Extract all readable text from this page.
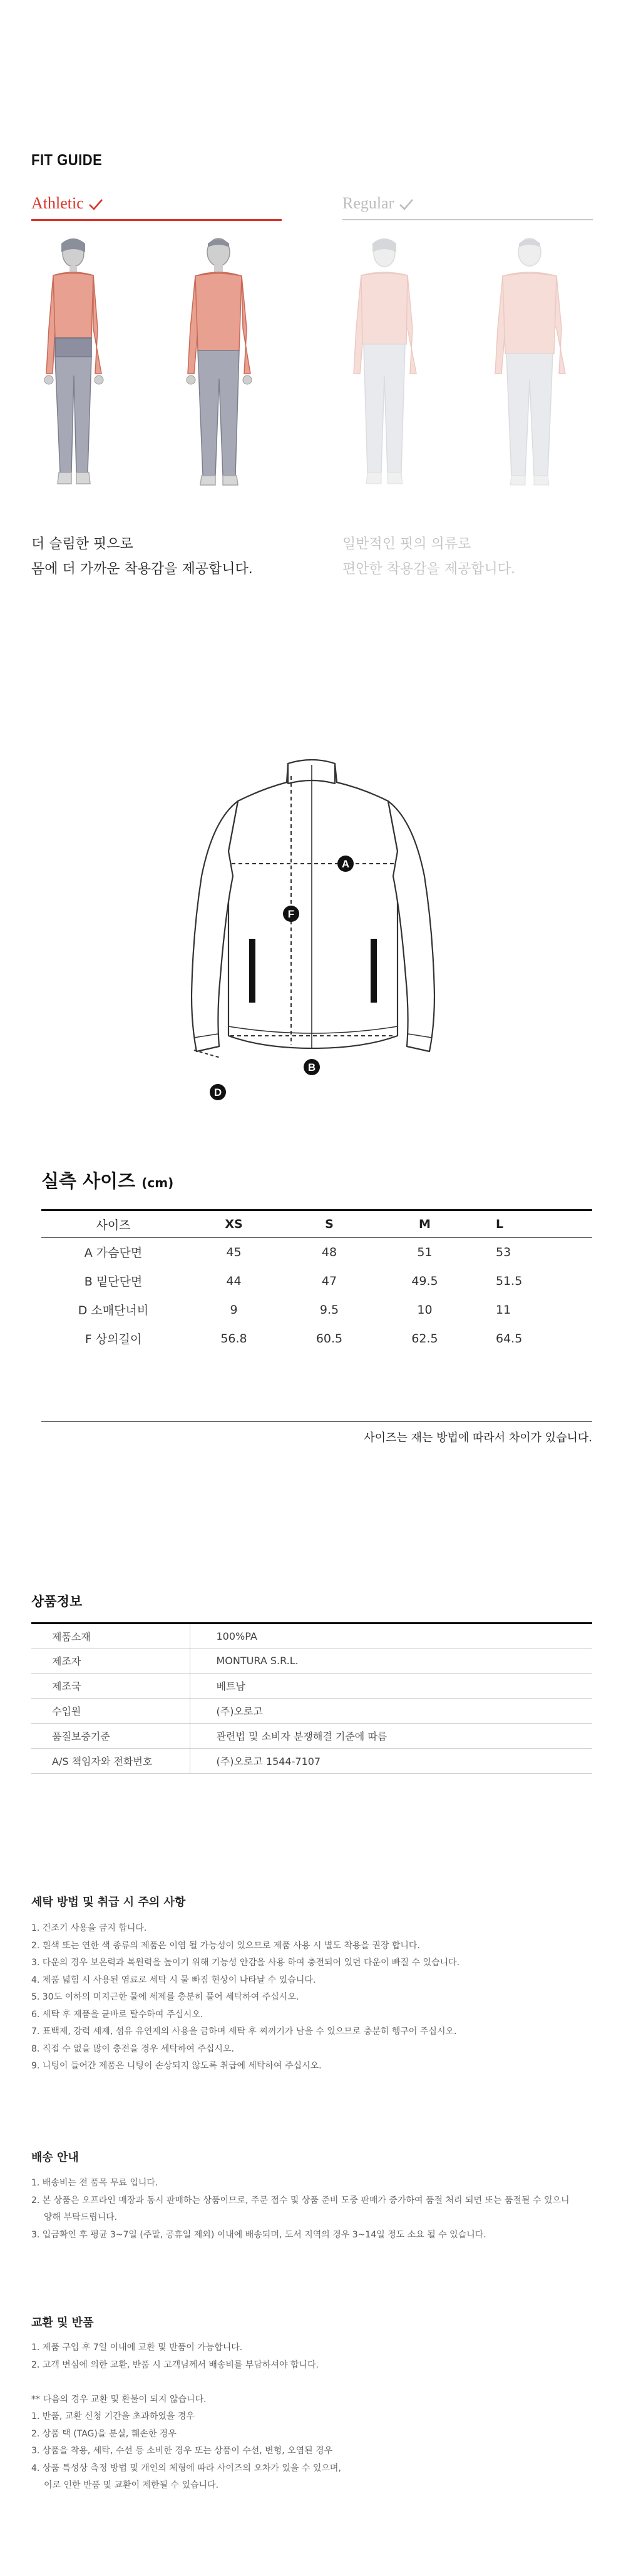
FIT GUIDE
Athletic	Regular
더 슬림한 핏으로
몸에 더 가까운 착용감을 제공합니다.
일반적인 핏의 의류로
편안한 착용감을 제공합니다.
A
F
B
D
실측 사이즈 (cm)
사이즈	XS	S	M	L
A 가슴단면	45	48	51	53
B 밑단단면	44	47	49.5	51.5
D 소매단너비	9	9.5	10	11
F 상의길이	56.8	60.5	62.5	64.5
사이즈는 재는 방법에 따라서 차이가 있습니다.
상품정보
제품소재	100%PA
제조자	MONTURA S.R.L.
제조국	베트남
수입원	(주)오로고
품질보증기준	관련법 및 소비자 분쟁해결 기준에 따름
A/S 책임자와 전화번호	(주)오로고 1544-7107
세탁 방법 및 취급 시 주의 사항
1. 건조기 사용을 금지 합니다.
2. 흰색 또는 연한 색 종류의 제품은 이염 될 가능성이 있으므로 제품 사용 시 별도 착용을 권장 합니다.
3. 다운의 경우 보온력과 복원력을 높이기 위해 기능성 안감을 사용 하여 충전되어 있던 다운이 빠질 수 있습니다.
4. 제품 넓힘 시 사용된 염료로 세탁 시 물 빠짐 현상이 나타날 수 있습니다.
5. 30도 이하의 미지근한 물에 세제를 충분히 풀어 세탁하여 주십시오.
6. 세탁 후 제품을 균바로 탈수하여 주십시오.
7. 표백제, 강력 세제, 섬유 유연제의 사용을 금하며 세탁 후 찌꺼기가 남을 수 있으므로 충분히 헹구어 주십시오.
8. 직접 수 없을 많이 충전을 경우 세탁하여 주십시오.
9. 니팅이 들어간 제품은 니팅이 손상되지 않도록 취급에 세탁하여 주십시오.
배송 안내
1. 배송비는 전 품목 무료 입니다.
2. 본 상품은 오프라인 매장과 동시 판매하는 상품이므로, 주문 접수 및 상품 준비 도중 판매가 증가하여 품절 처리 되면 또는 품절될 수 있으니
양해 부탁드립니다.
3. 입금확인 후 평균 3~7일 (주말, 공휴일 제외) 이내에 배송되며, 도서 지역의 경우 3~14일 정도 소요 될 수 있습니다.
교환 및 반품
1. 제품 구입 후 7일 이내에 교환 및 반품이 가능합니다.
2. 고객 변심에 의한 교환, 반품 시 고객님께서 배송비를 부담하셔야 합니다.
** 다음의 경우 교환 및 환불이 되지 않습니다.
1. 반품, 교환 신청 기간을 초과하였을 경우
2. 상품 택 (TAG)을 분실, 훼손한 경우
3. 상품을 착용, 세탁, 수선 등 소비한 경우 또는 상품이 수선, 변형, 오염된 경우
4. 상품 특성상 측정 방법 및 개인의 체형에 따라 사이즈의 오차가 있을 수 있으며,
이로 인한 반품 및 교환이 제한될 수 있습니다.
